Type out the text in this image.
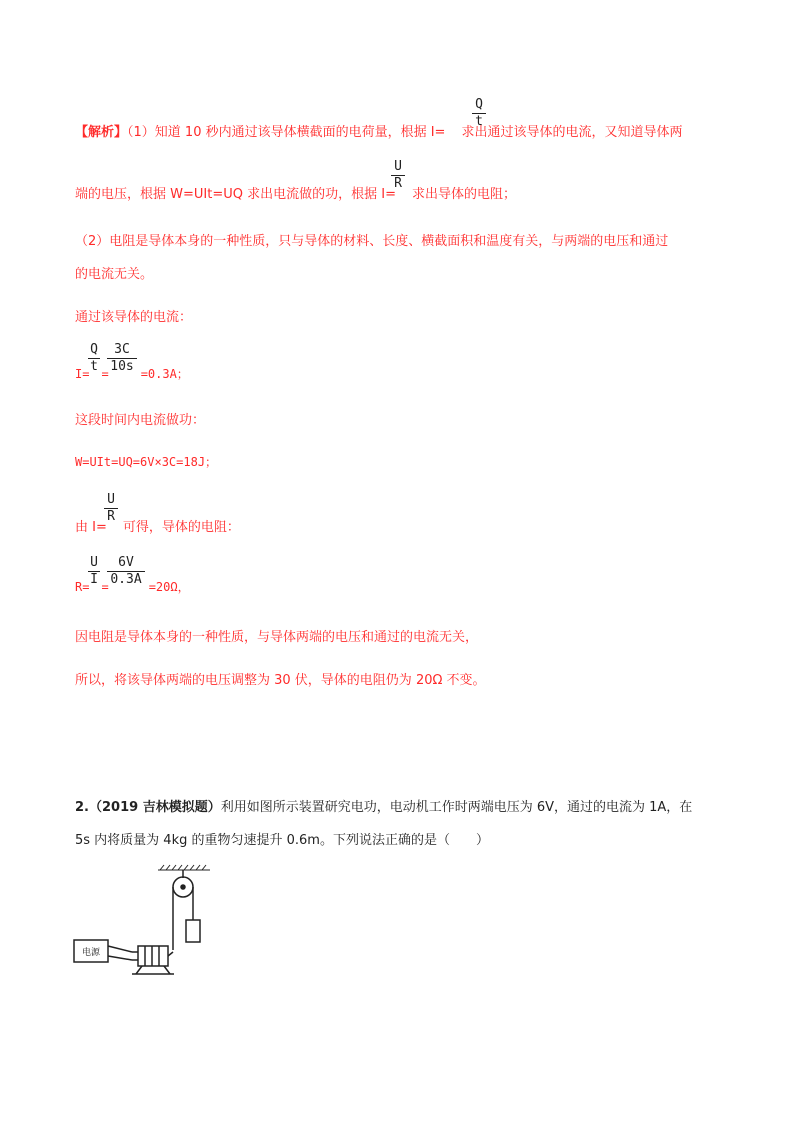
【解析】（1）知道 10 秒内通过该导体横截面的电荷量，根据 I= 求出通过该导体的电流，又知道导体两
Q
t
端的电压，根据 W=UIt=UQ 求出电流做的功，根据 I= 求出导体的电阻；
U
R
（2）电阻是导体本身的一种性质，只与导体的材料、长度、横截面积和温度有关，与两端的电压和通过
的电流无关。
通过该导体的电流：
I= =	=0.3A；
Q
t
3C
10s
这段时间内电流做功：
W=UIt=UQ=6V×3C=18J；
由 I= 可得，导体的电阻：
U
R
R= =	=20Ω，
U
I
6V
0.3A
因电阻是导体本身的一种性质，与导体两端的电压和通过的电流无关，
所以，将该导体两端的电压调整为 30 伏，导体的电阻仍为 20Ω 不变。
2.（2019 吉林模拟题）利用如图所示装置研究电功，电动机工作时两端电压为 6V，通过的电流为 1A，在
5s 内将质量为 4kg 的重物匀速提升 0.6m。下列说法正确的是（　　）
电源
